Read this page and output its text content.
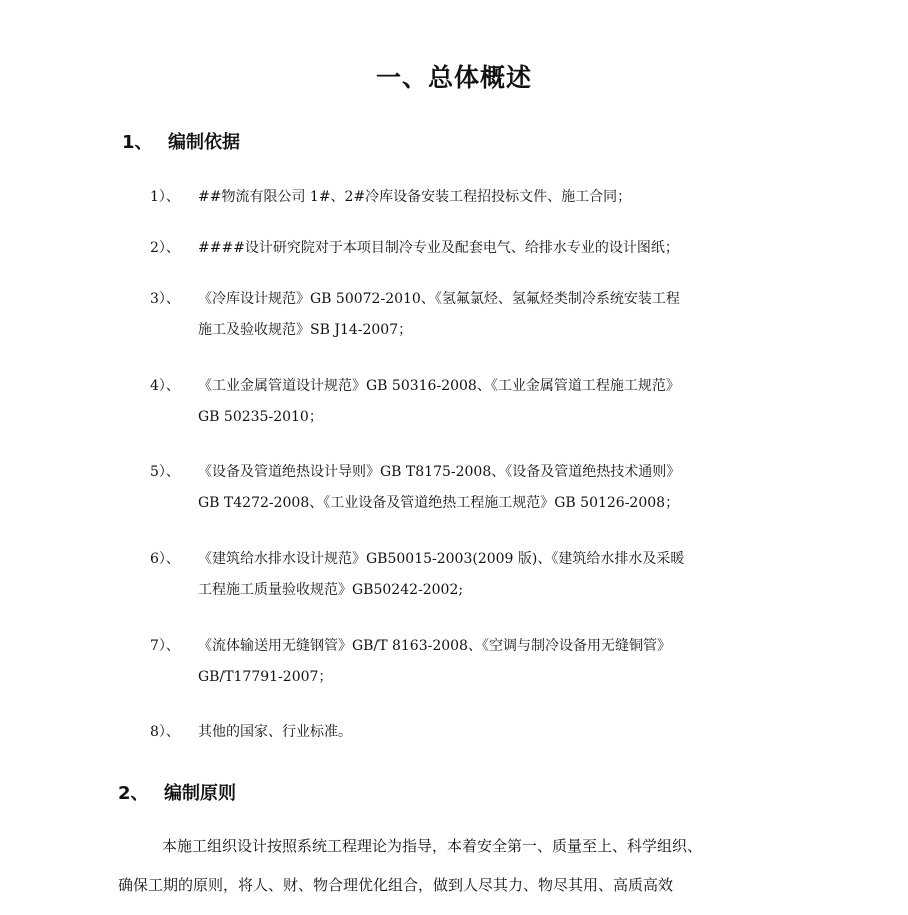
一、总体概述
1、 编制依据
1）、 ##物流有限公司 1#、2#冷库设备安装工程招投标文件、施工合同；
2）、 ####设计研究院对于本项目制冷专业及配套电气、给排水专业的设计图纸；
3）、 《冷库设计规范》GB 50072-2010、《氢氟氯烃、氢氟烃类制冷系统安装工程
施工及验收规范》SB J14-2007；
4）、 《工业金属管道设计规范》GB 50316-2008、《工业金属管道工程施工规范》
GB 50235-2010；
5）、 《设备及管道绝热设计导则》GB T8175-2008、《设备及管道绝热技术通则》
GB T4272-2008、《工业设备及管道绝热工程施工规范》GB 50126-2008；
6）、 《建筑给水排水设计规范》GB50015-2003(2009 版)、《建筑给水排水及采暖
工程施工质量验收规范》GB50242-2002;
7）、 《流体输送用无缝钢管》GB/T 8163-2008、《空调与制冷设备用无缝铜管》
GB/T17791-2007；
8）、 其他的国家、行业标准。
2、 编制原则
本施工组织设计按照系统工程理论为指导，本着安全第一、质量至上、科学组织、
确保工期的原则，将人、财、物合理优化组合，做到人尽其力、物尽其用、高质高效
